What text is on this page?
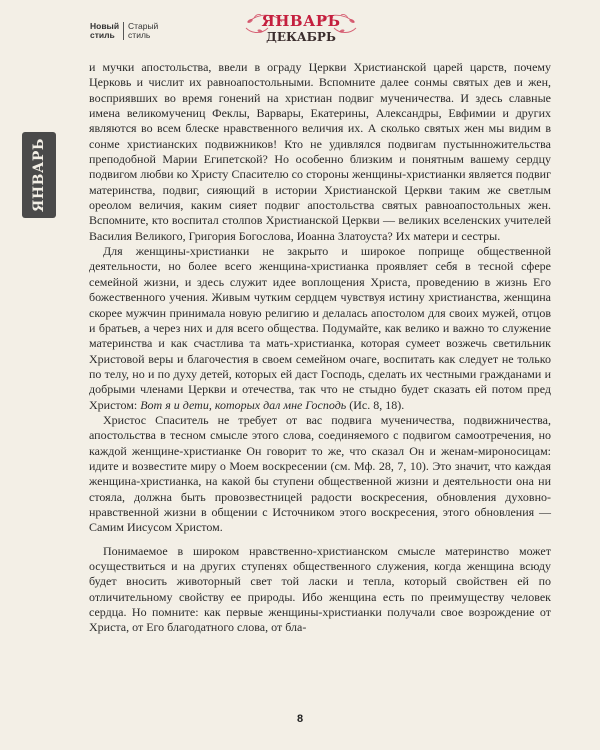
Новый
стиль
Старый
стиль
ЯНВАРЬ
ДЕКАБРЬ
ЯНВАРЬ

и мучки апостольства, ввели в ограду Церкви Христианской царей царств, почему Церковь и числит их равноапостольными. Вспомните далее сонмы святых дев и жен, восприявших во время гонений на христиан подвиг мученичества. И здесь славные имена великомучениц Феклы, Варвары, Екатерины, Александры, Евфимии и других являются во всем блеске нравственного величия их. А сколько святых жен мы видим в сонме христианских подвижников! Кто не удивлялся подвигам пустынножительства преподобной Марии Египетской? Но особенно близким и понятным вашему сердцу подвигом любви ко Христу Спасителю со стороны женщины-христианки является подвиг материнства, подвиг, сияющий в истории Христианской Церкви таким же светлым ореолом величия, каким сияет подвиг апостольства святых равноапостольных жен. Вспомните, кто воспитал столпов Христианской Церкви — великих вселенских учителей Василия Великого, Григория Богослова, Иоанна Златоуста? Их матери и сестры.

Для женщины-христианки не закрыто и широкое поприще общественной деятельности, но более всего женщина-христианка проявляет себя в тесной сфере семейной жизни, и здесь служит идее воплощения Христа, проведению в жизнь Его божественного учения. Живым чутким сердцем чувствуя истину христианства, женщина скорее мужчин принимала новую религию и делалась апостолом для своих мужей, отцов и братьев, а через них и для всего общества. Подумайте, как велико и важно то служение материнства и как счастлива та мать-христианка, которая сумеет возжечь светильник Христовой веры и благочестия в своем семейном очаге, воспитать как следует не только по телу, но и по духу детей, которых ей даст Господь, сделать их честными гражданами и добрыми членами Церкви и отечества, так что не стыдно будет сказать ей потом пред Христом: Вот я и дети, которых дал мне Господь (Ис. 8, 18).

Христос Спаситель не требует от вас подвига мученичества, подвижничества, апостольства в тесном смысле этого слова, соединяемого с подвигом самоотречения, но каждой женщине-христианке Он говорит то же, что сказал Он и женам-мироносицам: идите и возвестите миру о Моем воскресении (см. Мф. 28, 7, 10). Это значит, что каждая женщина-христианка, на какой бы ступени общественной жизни и деятельности она ни стояла, должна быть провозвестницей радости воскресения, обновления духовно-нравственной жизни в общении с Источником этого воскресения, этого обновления — Самим Иисусом Христом.

Понимаемое в широком нравственно-христианском смысле материнство может осуществиться и на других ступенях общественного служения, когда женщина всюду будет вносить животорный свет той ласки и тепла, который свойствен ей по отличительному свойству ее природы. Ибо женщина есть по преимуществу человек сердца. Но помните: как первые женщины-христианки получали свое возрождение от Христа, от Его благодатного слова, от бла-

8
